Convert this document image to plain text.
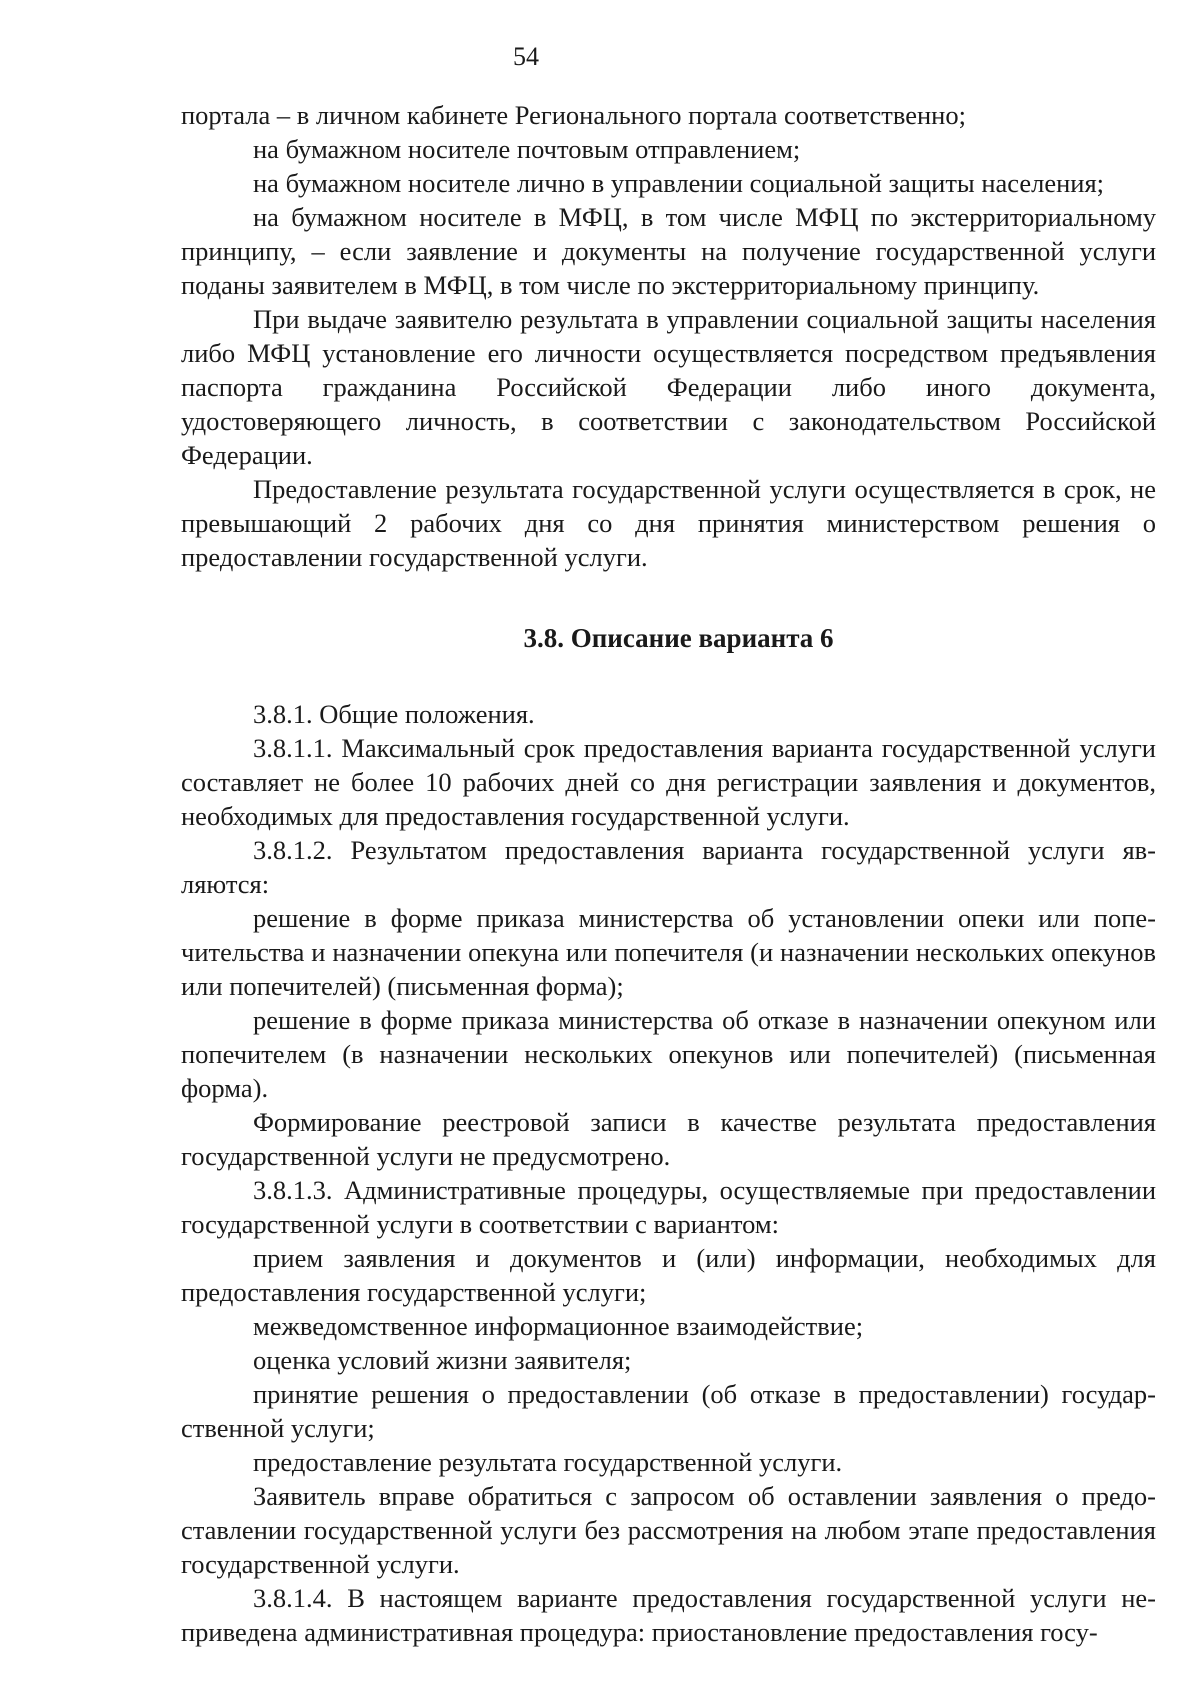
54

портала – в личном кабинете Регионального портала соответственно;

на бумажном носителе почтовым отправлением;

на бумажном носителе лично в управлении социальной защиты населения;

на бумажном носителе в МФЦ, в том числе МФЦ по экстерриториальному принципу, – если заявление и документы на получение государственной услуги поданы заявителем в МФЦ, в том числе по экстерриториальному принципу.

При выдаче заявителю результата в управлении социальной защиты населения либо МФЦ установление его личности осуществляется посредством предъявления паспорта гражданина Российской Федерации либо иного документа, удостоверяющего личность, в соответствии с законодательством Российской Федерации.

Предоставление результата государственной услуги осуществляется в срок, не превышающий 2 рабочих дня со дня принятия министерством решения о предоставлении государственной услуги.

3.8. Описание варианта 6

3.8.1. Общие положения.

3.8.1.1. Максимальный срок предоставления варианта государственной услуги составляет не более 10 рабочих дней со дня регистрации заявления и документов, необходимых для предоставления государственной услуги.

3.8.1.2. Результатом предоставления варианта государственной услуги являются:

решение в форме приказа министерства об установлении опеки или попечительства и назначении опекуна или попечителя (и назначении нескольких опекунов или попечителей) (письменная форма);

решение в форме приказа министерства об отказе в назначении опекуном или попечителем (в назначении нескольких опекунов или попечителей) (письменная форма).

Формирование реестровой записи в качестве результата предоставления государственной услуги не предусмотрено.

3.8.1.3. Административные процедуры, осуществляемые при предоставлении государственной услуги в соответствии с вариантом:

прием заявления и документов и (или) информации, необходимых для предоставления государственной услуги;

межведомственное информационное взаимодействие;

оценка условий жизни заявителя;

принятие решения о предоставлении (об отказе в предоставлении) государственной услуги;

предоставление результата государственной услуги.

Заявитель вправе обратиться с запросом об оставлении заявления о предоставлении государственной услуги без рассмотрения на любом этапе предоставления государственной услуги.

3.8.1.4. В настоящем варианте предоставления государственной услуги неприведена административная процедура: приостановление предоставления госу-
